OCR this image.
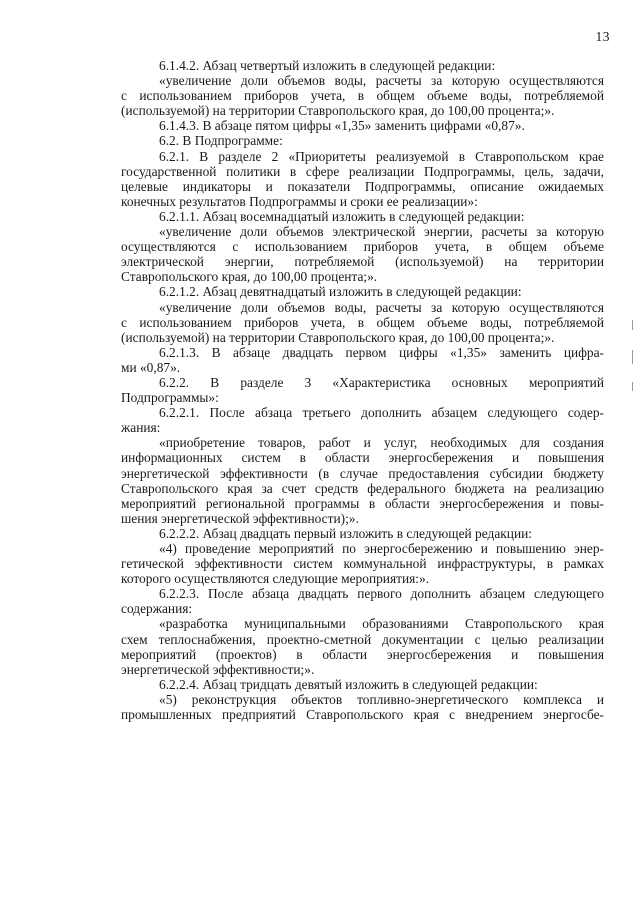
13
6.1.4.2. Абзац четвертый изложить в следующей редакции:
«увеличение доли объемов воды, расчеты за которую осуществляются
с использованием приборов учета, в общем объеме воды, потребляемой
(используемой) на территории Ставропольского края, до 100,00 процента;».
6.1.4.3. В абзаце пятом цифры «1,35» заменить цифрами «0,87».
6.2. В Подпрограмме:
6.2.1. В разделе 2 «Приоритеты реализуемой в Ставропольском крае
государственной политики в сфере реализации Подпрограммы, цель, задачи,
целевые индикаторы и показатели Подпрограммы, описание ожидаемых
конечных результатов Подпрограммы и сроки ее реализации»:
6.2.1.1. Абзац восемнадцатый изложить в следующей редакции:
«увеличение доли объемов электрической энергии, расчеты за которую
осуществляются с использованием приборов учета, в общем объеме
электрической энергии, потребляемой (используемой) на территории
Ставропольского края, до 100,00 процента;».
6.2.1.2. Абзац девятнадцатый изложить в следующей редакции:
«увеличение доли объемов воды, расчеты за которую осуществляются
с использованием приборов учета, в общем объеме воды, потребляемой
(используемой) на территории Ставропольского края, до 100,00 процента;».
6.2.1.3. В абзаце двадцать первом цифры «1,35» заменить цифра-
ми «0,87».
6.2.2. В разделе 3 «Характеристика основных мероприятий
Подпрограммы»:
6.2.2.1. После абзаца третьего дополнить абзацем следующего содер-
жания:
«приобретение товаров, работ и услуг, необходимых для создания
информационных систем в области энергосбережения и повышения
энергетической эффективности (в случае предоставления субсидии бюджету
Ставропольского края за счет средств федерального бюджета на реализацию
мероприятий региональной программы в области энергосбережения и повы-
шения энергетической эффективности);».
6.2.2.2. Абзац двадцать первый изложить в следующей редакции:
«4) проведение мероприятий по энергосбережению и повышению энер-
гетической эффективности систем коммунальной инфраструктуры, в рамках
которого осуществляются следующие мероприятия:».
6.2.2.3. После абзаца двадцать первого дополнить абзацем следующего
содержания:
«разработка муниципальными образованиями Ставропольского края
схем теплоснабжения, проектно-сметной документации с целью реализации
мероприятий (проектов) в области энергосбережения и повышения
энергетической эффективности;».
6.2.2.4. Абзац тридцать девятый изложить в следующей редакции:
«5) реконструкция объектов топливно-энергетического комплекса и
промышленных предприятий Ставропольского края с внедрением энергосбе-
